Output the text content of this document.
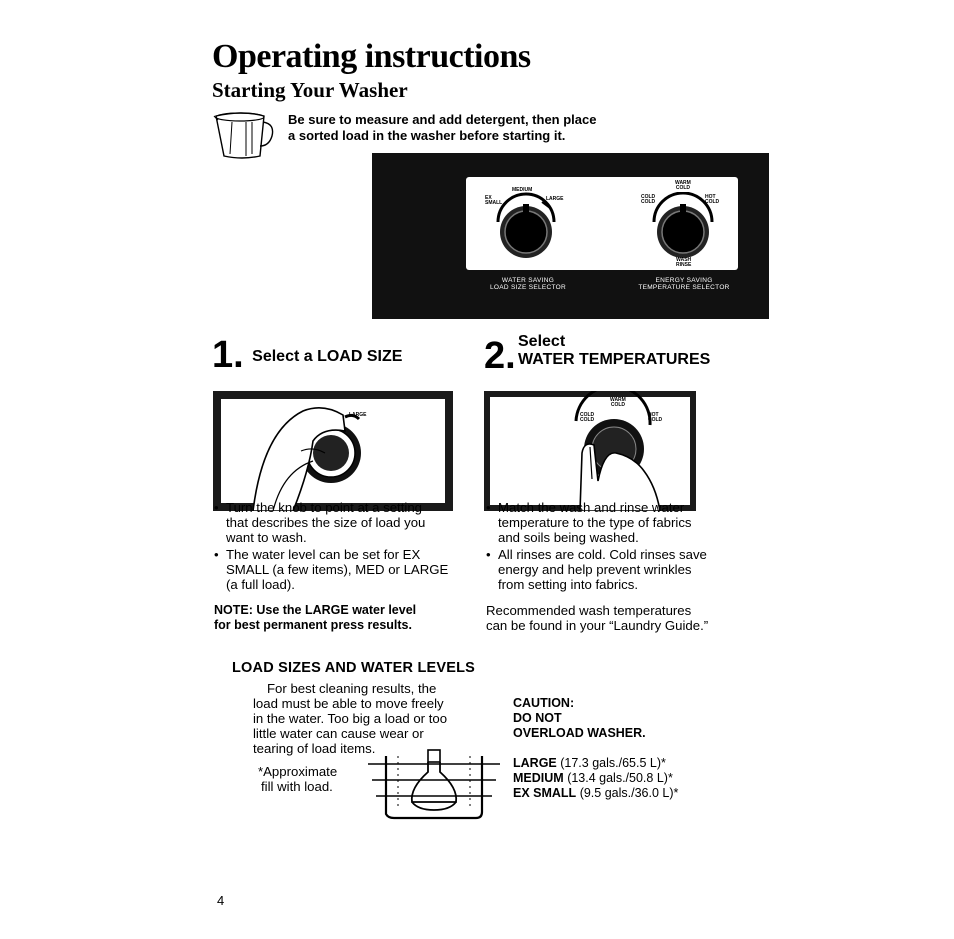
Operating instructions
Starting Your Washer
Be sure to measure and add detergent, then place
a sorted load in the washer before starting it.
MEDIUM
EX
SMALL
LARGE
WARM
COLD
COLD
COLD
HOT
COLD
WASH
RINSE
WATER SAVING
LOAD SIZE SELECTOR
ENERGY SAVING
TEMPERATURE SELECTOR
1. Select a LOAD SIZE
LARGE
• Turn the knob to point at a setting
that describes the size of load you
want to wash.
• The water level can be set for EX
SMALL (a few items), MED or LARGE
(a full load).
NOTE: Use the LARGE water level
for best permanent press results.
2. Select
WATER TEMPERATURES
WARM
COLD
COLD
COLD
HOT
COLD
• Match the wash and rinse water
temperature to the type of fabrics
and soils being washed.
• All rinses are cold. Cold rinses save
energy and help prevent wrinkles
from setting into fabrics.
Recommended wash temperatures
can be found in your “Laundry Guide.”
LOAD SIZES AND WATER LEVELS
For best cleaning results, the
load must be able to move freely
in the water. Too big a load or too
little water can cause wear or
tearing of load items.
*Approximate
fill with load.
CAUTION:
DO NOT
OVERLOAD WASHER.
LARGE (17.3 gals./65.5 L)*
MEDIUM (13.4 gals./50.8 L)*
EX SMALL (9.5 gals./36.0 L)*
4
